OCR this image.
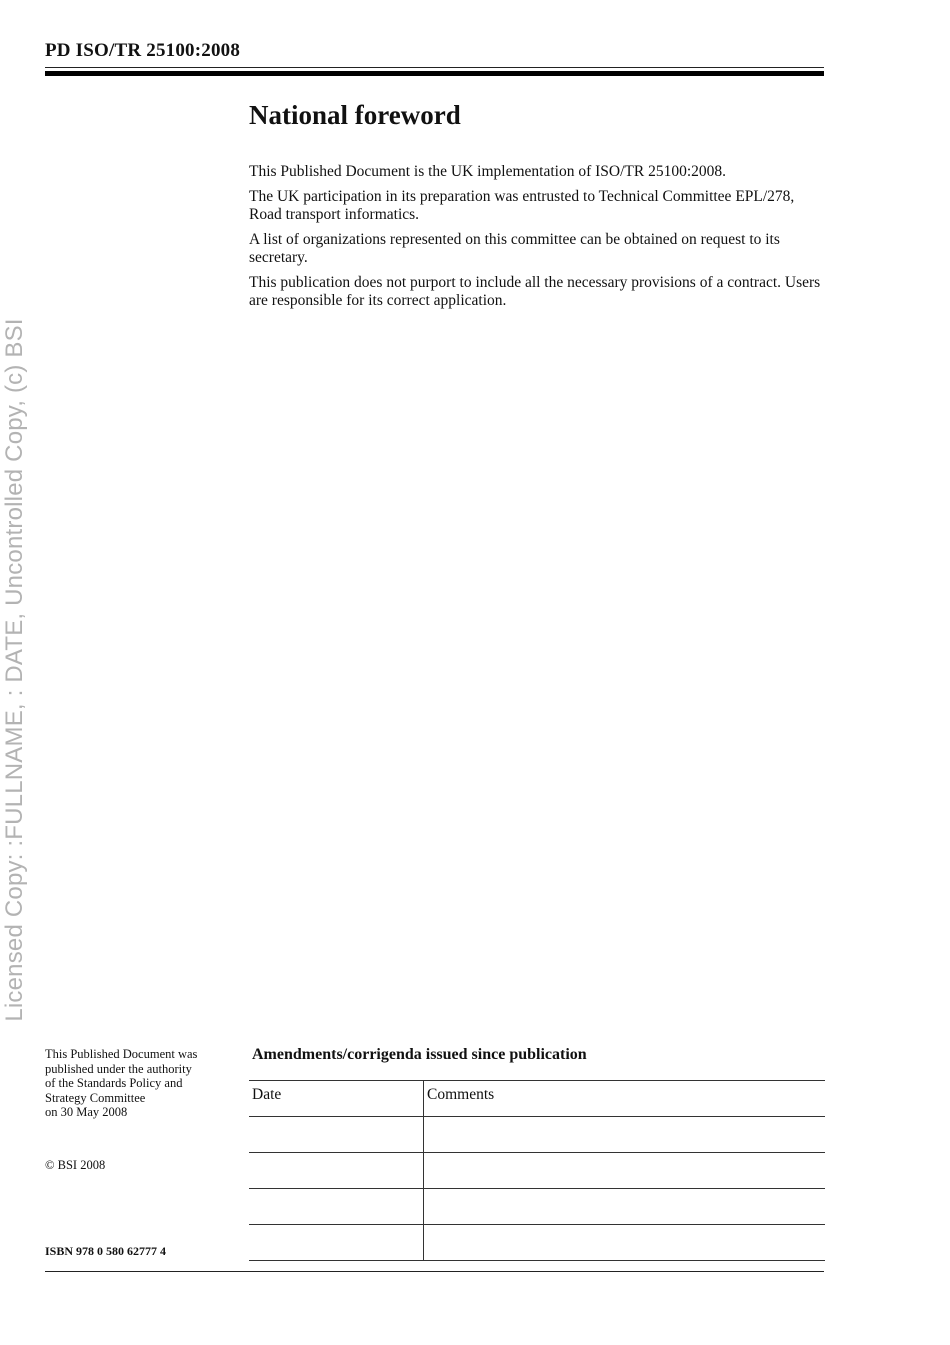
PD ISO/TR 25100:2008
National foreword

This Published Document is the UK implementation of ISO/TR 25100:2008.

The UK participation in its preparation was entrusted to Technical Committee EPL/278, Road transport informatics.

A list of organizations represented on this committee can be obtained on request to its secretary.

This publication does not purport to include all the necessary provisions of a contract. Users are responsible for its correct application.

Licensed Copy: :FULLNAME, : DATE, Uncontrolled Copy, (c) BSI
This Published Document was
published under the authority
of the Standards Policy and
Strategy Committee
on 30 May 2008
© BSI 2008
ISBN 978 0 580 62777 4
Amendments/corrigenda issued since publication
Date	Comments
